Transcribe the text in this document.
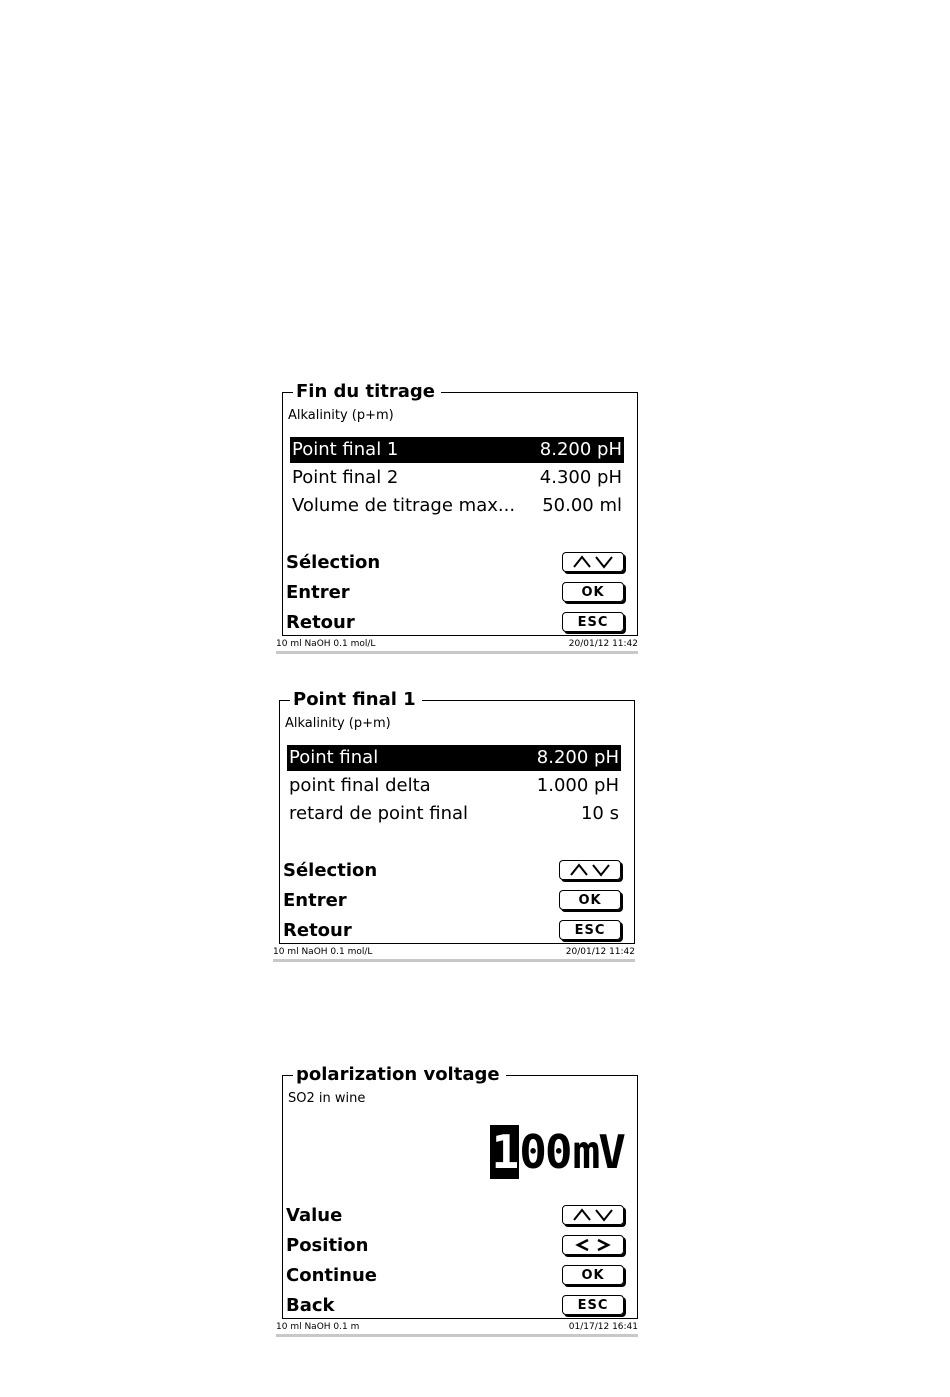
Fin du titrage
Alkalinity (p+m)
Point final 1	8.200 pH
Point final 2	4.300 pH
Volume de titrage max... 50.00 ml
Sélection
Entrer	OK
Retour	ESC
10 ml NaOH 0.1 mol/L	20/01/12 11:42
Point final 1
Alkalinity (p+m)
Point final	8.200 pH
point final delta	1.000 pH
retard de point final	10 s
Sélection
Entrer	OK
Retour	ESC
10 ml NaOH 0.1 mol/L	20/01/12 11:42
polarization voltage
SO2 in wine
1 00 mV
Value
Position
Continue	OK
Back	ESC
10 ml NaOH 0.1 m	01/17/12 16:41
